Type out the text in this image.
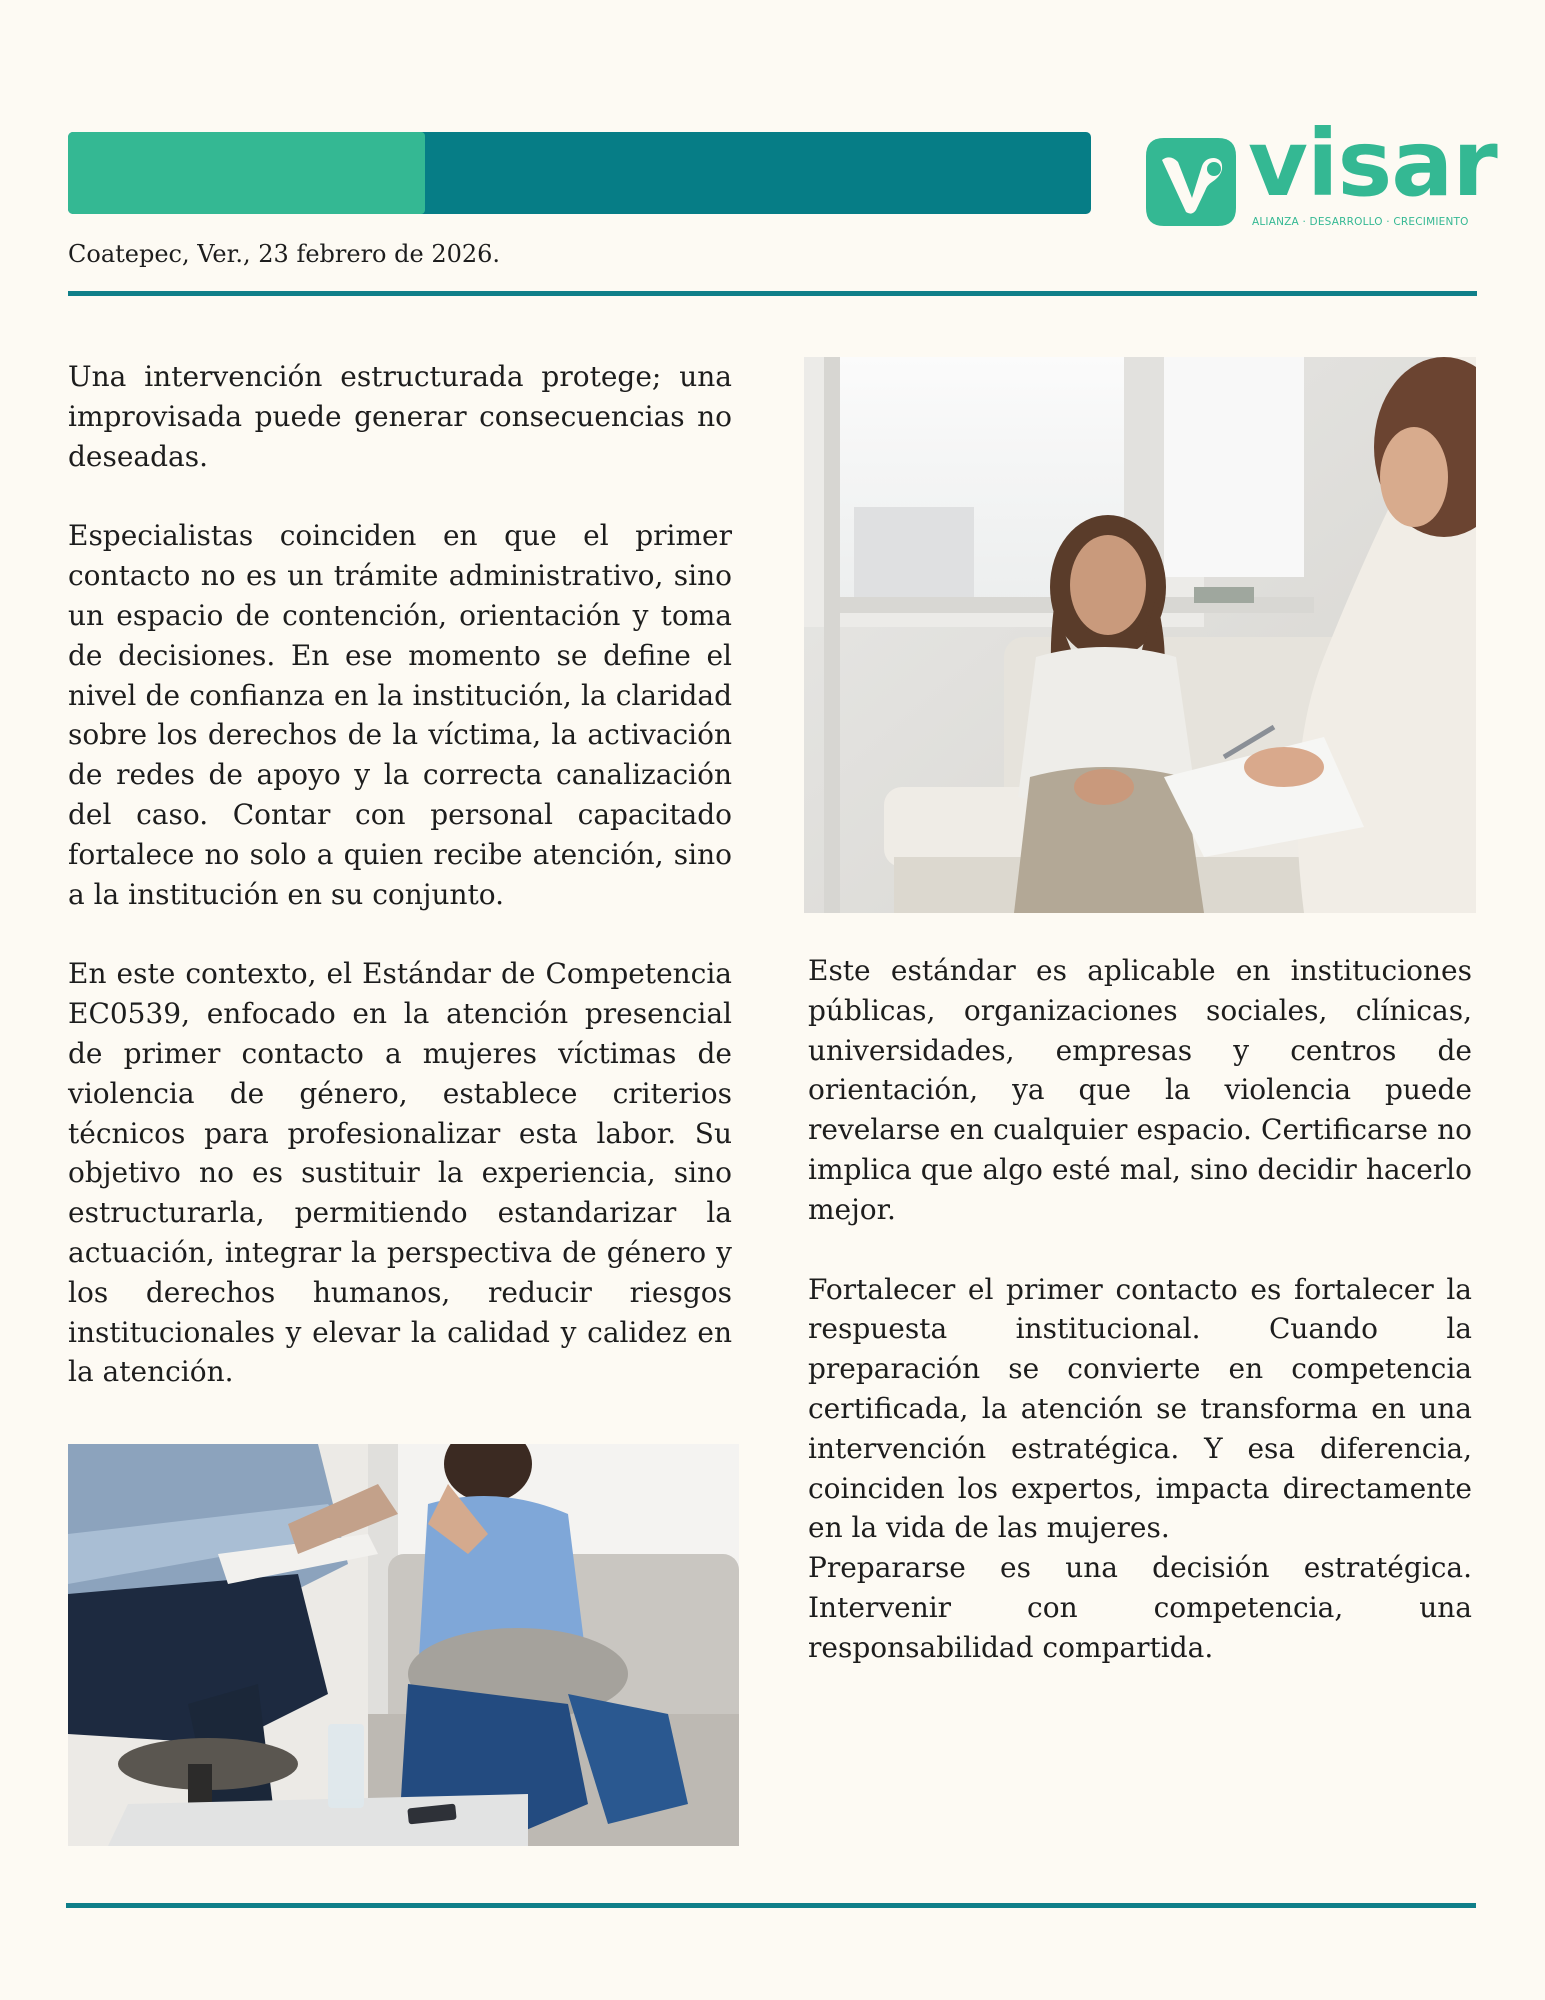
visar
ALIANZA · DESARROLLO · CRECIMIENTO
Coatepec, Ver., 23 febrero de 2026.

Una intervención estructurada protege; una improvisada puede generar consecuencias no deseadas.

Especialistas coinciden en que el primer contacto no es un trámite administrativo, sino un espacio de contención, orientación y toma de decisiones. En ese momento se define el nivel de confianza en la institución, la claridad sobre los derechos de la víctima, la activación de redes de apoyo y la correcta canalización del caso. Contar con personal capacitado fortalece no solo a quien recibe atención, sino a la institución en su conjunto.

En este contexto, el Estándar de Competencia EC0539, enfocado en la atención presencial de primer contacto a mujeres víctimas de violencia de género, establece criterios técnicos para profesionalizar esta labor. Su objetivo no es sustituir la experiencia, sino estructurarla, permitiendo estandarizar la actuación, integrar la perspectiva de género y los derechos humanos, reducir riesgos institucionales y elevar la calidad y calidez en la atención.

Este estándar es aplicable en instituciones públicas, organizaciones sociales, clínicas, universidades, empresas y centros de orientación, ya que la violencia puede revelarse en cualquier espacio. Certificarse no implica que algo esté mal, sino decidir hacerlo mejor.

Fortalecer el primer contacto es fortalecer la respuesta institucional. Cuando la preparación se convierte en competencia certificada, la atención se transforma en una intervención estratégica. Y esa diferencia, coinciden los expertos, impacta directamente en la vida de las mujeres.

Prepararse es una decisión estratégica. Intervenir con competencia, una responsabilidad compartida.
